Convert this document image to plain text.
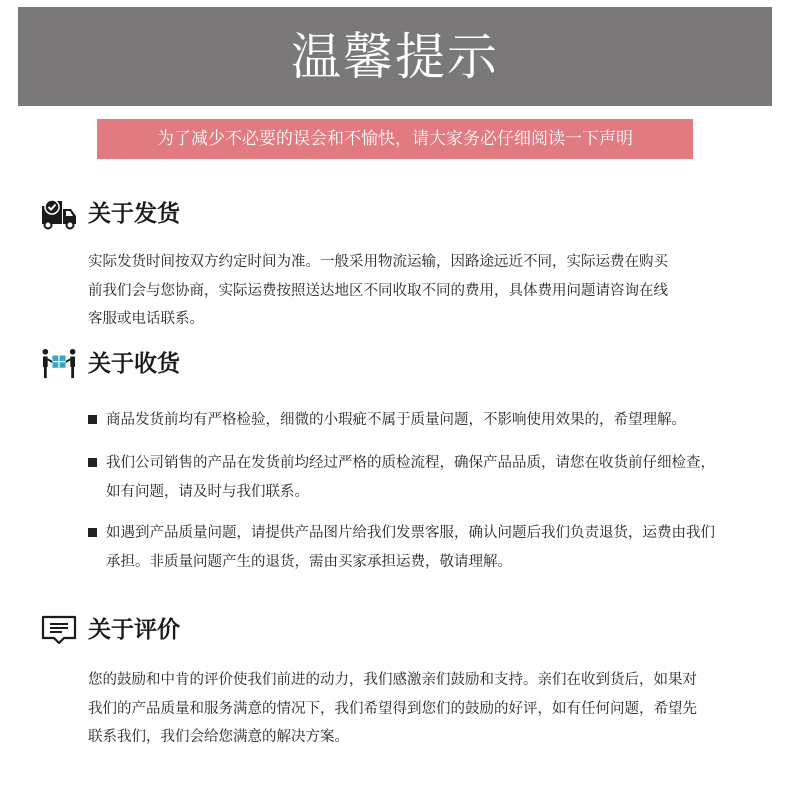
温馨提示
为了减少不必要的误会和不愉快，请大家务必仔细阅读一下声明
关于发货
实际发货时间按双方约定时间为准。一般采用物流运输，因路途远近不同，实际运费在购买
前我们会与您协商，实际运费按照送达地区不同收取不同的费用，具体费用问题请咨询在线
客服或电话联系。
关于收货
商品发货前均有严格检验，细微的小瑕疵不属于质量问题，不影响使用效果的，希望理解。
我们公司销售的产品在发货前均经过严格的质检流程，确保产品品质，请您在收货前仔细检查，
如有问题，请及时与我们联系。
如遇到产品质量问题，请提供产品图片给我们发票客服，确认问题后我们负责退货，运费由我们
承担。非质量问题产生的退货，需由买家承担运费，敬请理解。
关于评价
您的鼓励和中肯的评价使我们前进的动力，我们感激亲们鼓励和支持。亲们在收到货后，如果对
我们的产品质量和服务满意的情况下，我们希望得到您们的鼓励的好评，如有任何问题，希望先
联系我们，我们会给您满意的解决方案。
